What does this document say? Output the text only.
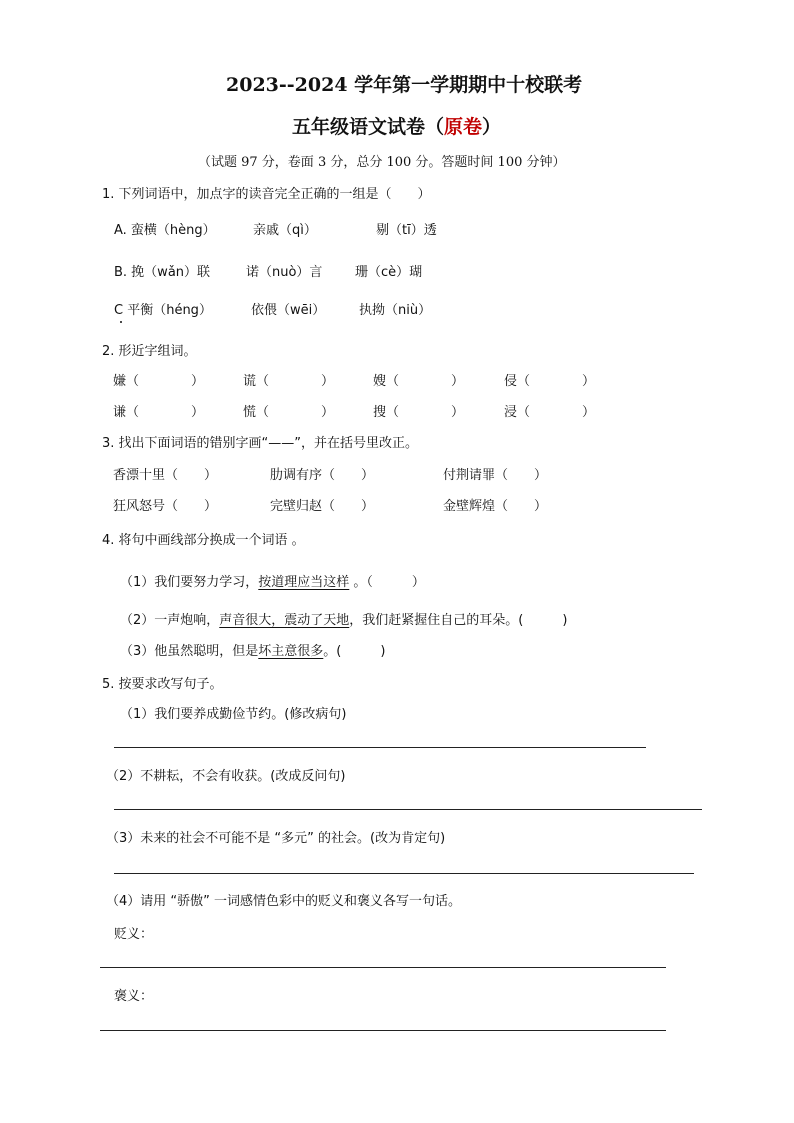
2023--2024 学年第一学期期中十校联考
五年级语文试卷（原卷）
（试题 97 分，卷面 3 分，总分 100 分。答题时间 100 分钟）
1. 下列词语中，加点字的读音完全正确的一组是（　　）
A. 蛮横（hèng）	亲戚（qì）	剔（tī）透
B. 挽（wǎn）联	诺（nuò）言	珊（cè）瑚
C 平衡（héng）	依偎（wēi）	执拗（niù）
2. 形近字组词。
嫌（　　　　）	谎（　　　　）	嫂（　　　　）	侵（　　　　）
谦（　　　　）	慌（　　　　）	搜（　　　　）	浸（　　　　）
3. 找出下面词语的错别字画“——”，并在括号里改正。
香漂十里（　　）	肋调有序（　　）	付荆请罪（　　）
狂风怒号（　　）	完壁归赵（　　）	金壁辉煌（　　）
4. 将句中画线部分换成一个词语 。
（1）我们要努力学习，按道理应当这样 。（　　　）
（2）一声炮响，声音很大，震动了天地，我们赶紧握住自己的耳朵。(　　　)
（3）他虽然聪明，但是坏主意很多。(　　　)
5. 按要求改写句子。
（1）我们要养成勤俭节约。(修改病句)
（2）不耕耘，不会有收获。(改成反问句)
（3）未来的社会不可能不是 “多元” 的社会。(改为肯定句)
（4）请用 “骄傲” 一词感情色彩中的贬义和褒义各写一句话。
贬义：
褒义：
